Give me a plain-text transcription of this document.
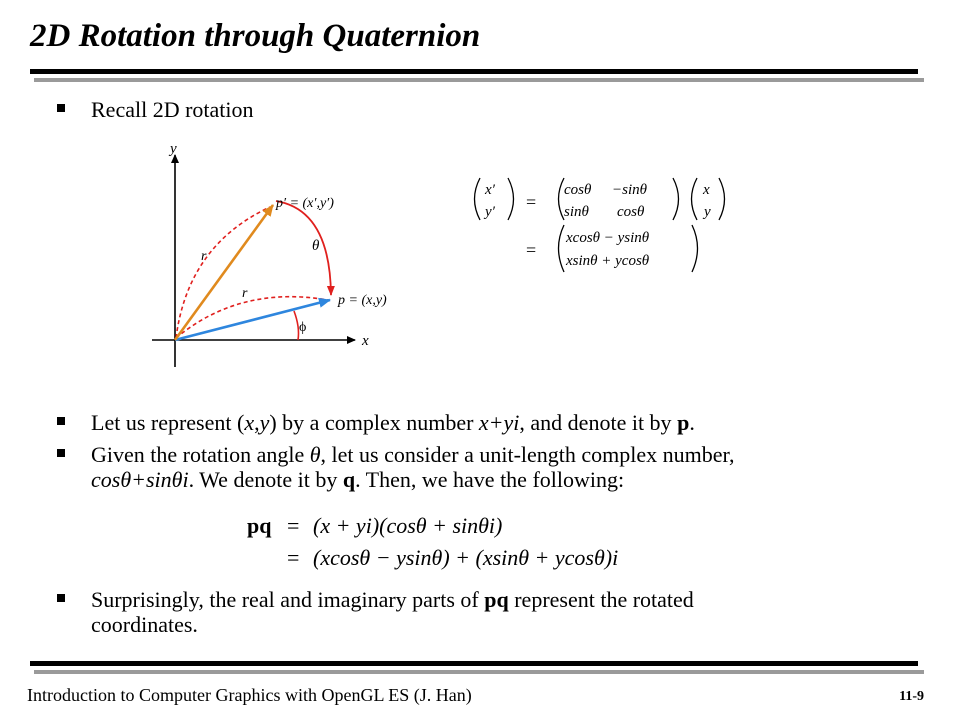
2D Rotation through Quaternion
Recall 2D rotation
x
y
r
r
θ
ϕ
p′ = (x′,y′)
p = (x,y)
x′
y′
cosθ −sinθ
sinθ cosθ
x
y
xcosθ − ysinθ
xsinθ + ycosθ
=
=
Let us represent (x,y) by a complex number x+yi, and denote it by p.
Given the rotation angle θ, let us consider a unit-length complex number,
cosθ+sinθi. We denote it by q. Then, we have the following:
pq = (x + yi)(cosθ + sinθi)
= (xcosθ − ysinθ) + (xsinθ + ycosθ)i
Surprisingly, the real and imaginary parts of pq represent the rotated
coordinates.
Introduction to Computer Graphics with OpenGL ES (J. Han)	11-9
